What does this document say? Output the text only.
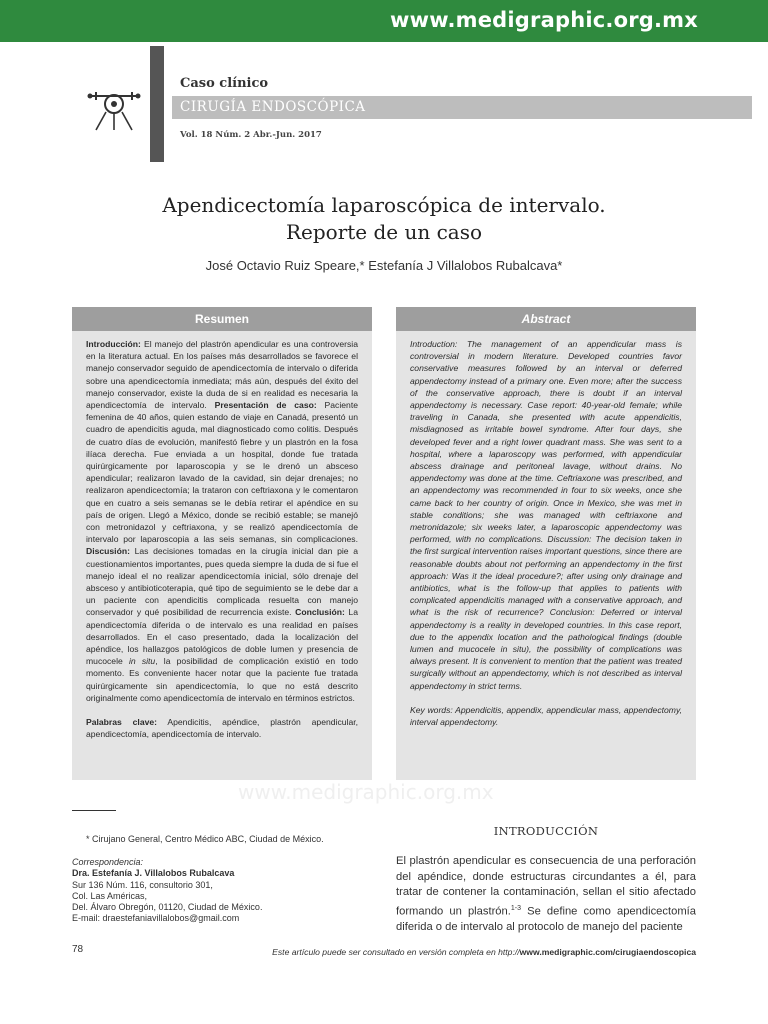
www.medigraphic.org.mx
Caso clínico
CIRUGÍA ENDOSCÓPICA
Vol. 18 Núm. 2 Abr.-Jun. 2017
Apendicectomía laparoscópica de intervalo.
Reporte de un caso
José Octavio Ruiz Speare,* Estefanía J Villalobos Rubalcava*
Resumen	Abstract
Introducción: El manejo del plastrón apendicular es una controversia en la literatura actual. En los países más desarrollados se favorece el manejo conservador seguido de apendicectomía de intervalo o diferida sobre una apendicectomía inmediata; más aún, después del éxito del manejo conservador, existe la duda de si en realidad es necesaria la apendicectomía de intervalo. Presentación de caso: Paciente femenina de 40 años, quien estando de viaje en Canadá, presentó un cuadro de apendicitis aguda, mal diagnosticado como colitis. Después de cuatro días de evolución, manifestó fiebre y un plastrón en la fosa ilíaca derecha. Fue enviada a un hospital, donde fue tratada quirúrgicamente por laparoscopia y se le drenó un absceso apendicular; realizaron lavado de la cavidad, sin dejar drenajes; no realizaron apendicectomía; la trataron con ceftriaxona y le comentaron que en cuatro a seis semanas se le debía retirar el apéndice en su país de origen. Llegó a México, donde se recibió estable; se manejó con metronidazol y ceftriaxona, y se realizó apendicectomía de intervalo por laparoscopia a las seis semanas, sin complicaciones. Discusión: Las decisiones tomadas en la cirugía inicial dan pie a cuestionamientos importantes, pues queda siempre la duda de si fue el manejo ideal el no realizar apendicectomía inicial, sólo drenaje del absceso y antibioticoterapia, qué tipo de seguimiento se le debe dar a un paciente con apendicitis complicada resuelta con manejo conservador y qué posibilidad de recurrencia existe. Conclusión: La apendicectomía diferida o de intervalo es una realidad en países desarrollados. En el caso presentado, dada la localización del apéndice, los hallazgos patológicos de doble lumen y presencia de mucocele in situ, la posibilidad de complicación existió en todo momento. Es conveniente hacer notar que la paciente fue tratada quirúrgicamente sin apendicectomía, lo que no está descrito originalmente como apendicectomía de intervalo en términos estrictos.
Palabras clave: Apendicitis, apéndice, plastrón apendicular, apendicectomía, apendicectomía de intervalo.
Introduction: The management of an appendicular mass is controversial in modern literature. Developed countries favor conservative measures followed by an interval or deferred appendectomy instead of a primary one. Even more; after the success of the conservative approach, there is doubt if an interval appendectomy is necessary. Case report: 40-year-old female; while traveling in Canada, she presented with acute appendicitis, misdiagnosed as irritable bowel syndrome. After four days, she developed fever and a right lower quadrant mass. She was sent to a hospital, where a laparoscopy was performed, with appendicular abscess drainage and peritoneal lavage, without drains. No appendectomy was done at the time. Ceftriaxone was prescribed, and an appendectomy was recommended in four to six weeks, once she came back to her country of origin. Once in Mexico, she was met in stable conditions; she was managed with ceftriaxone and metronidazole; six weeks later, a laparoscopic appendectomy was performed, with no complications. Discussion: The decision taken in the first surgical intervention raises important questions, since there are reasonable doubts about not performing an appendectomy in the first approach: Was it the ideal procedure?; after using only drainage and antibiotics, what is the follow-up that applies to patients with complicated appendicitis managed with a conservative approach, and what is the risk of recurrence? Conclusion: Deferred or interval appendectomy is a reality in developed countries. In this case report, due to the appendix location and the pathological findings (double lumen and mucocele in situ), the possibility of complications was always present. It is convenient to mention that the patient was treated surgically without an appendectomy, which is not described as interval appendectomy in strict terms.
Key words: Appendicitis, appendix, appendicular mass, appendectomy, interval appendectomy.
www.medigraphic.org.mx
* Cirujano General, Centro Médico ABC, Ciudad de México.
Correspondencia:
Dra. Estefanía J. Villalobos Rubalcava
Sur 136 Núm. 116, consultorio 301,
Col. Las Américas,
Del. Álvaro Obregón, 01120, Ciudad de México.
E-mail: draestefaniavillalobos@gmail.com
INTRODUCCIÓN
El plastrón apendicular es consecuencia de una perforación del apéndice, donde estructuras circundantes a él, para tratar de contener la contaminación, sellan el sitio afectado formando un plastrón.$^{1-3}$ Se define como apendicectomía diferida o de intervalo al protocolo de manejo del paciente
78	Este artículo puede ser consultado en versión completa en http://www.medigraphic.com/cirugiaendoscopica
